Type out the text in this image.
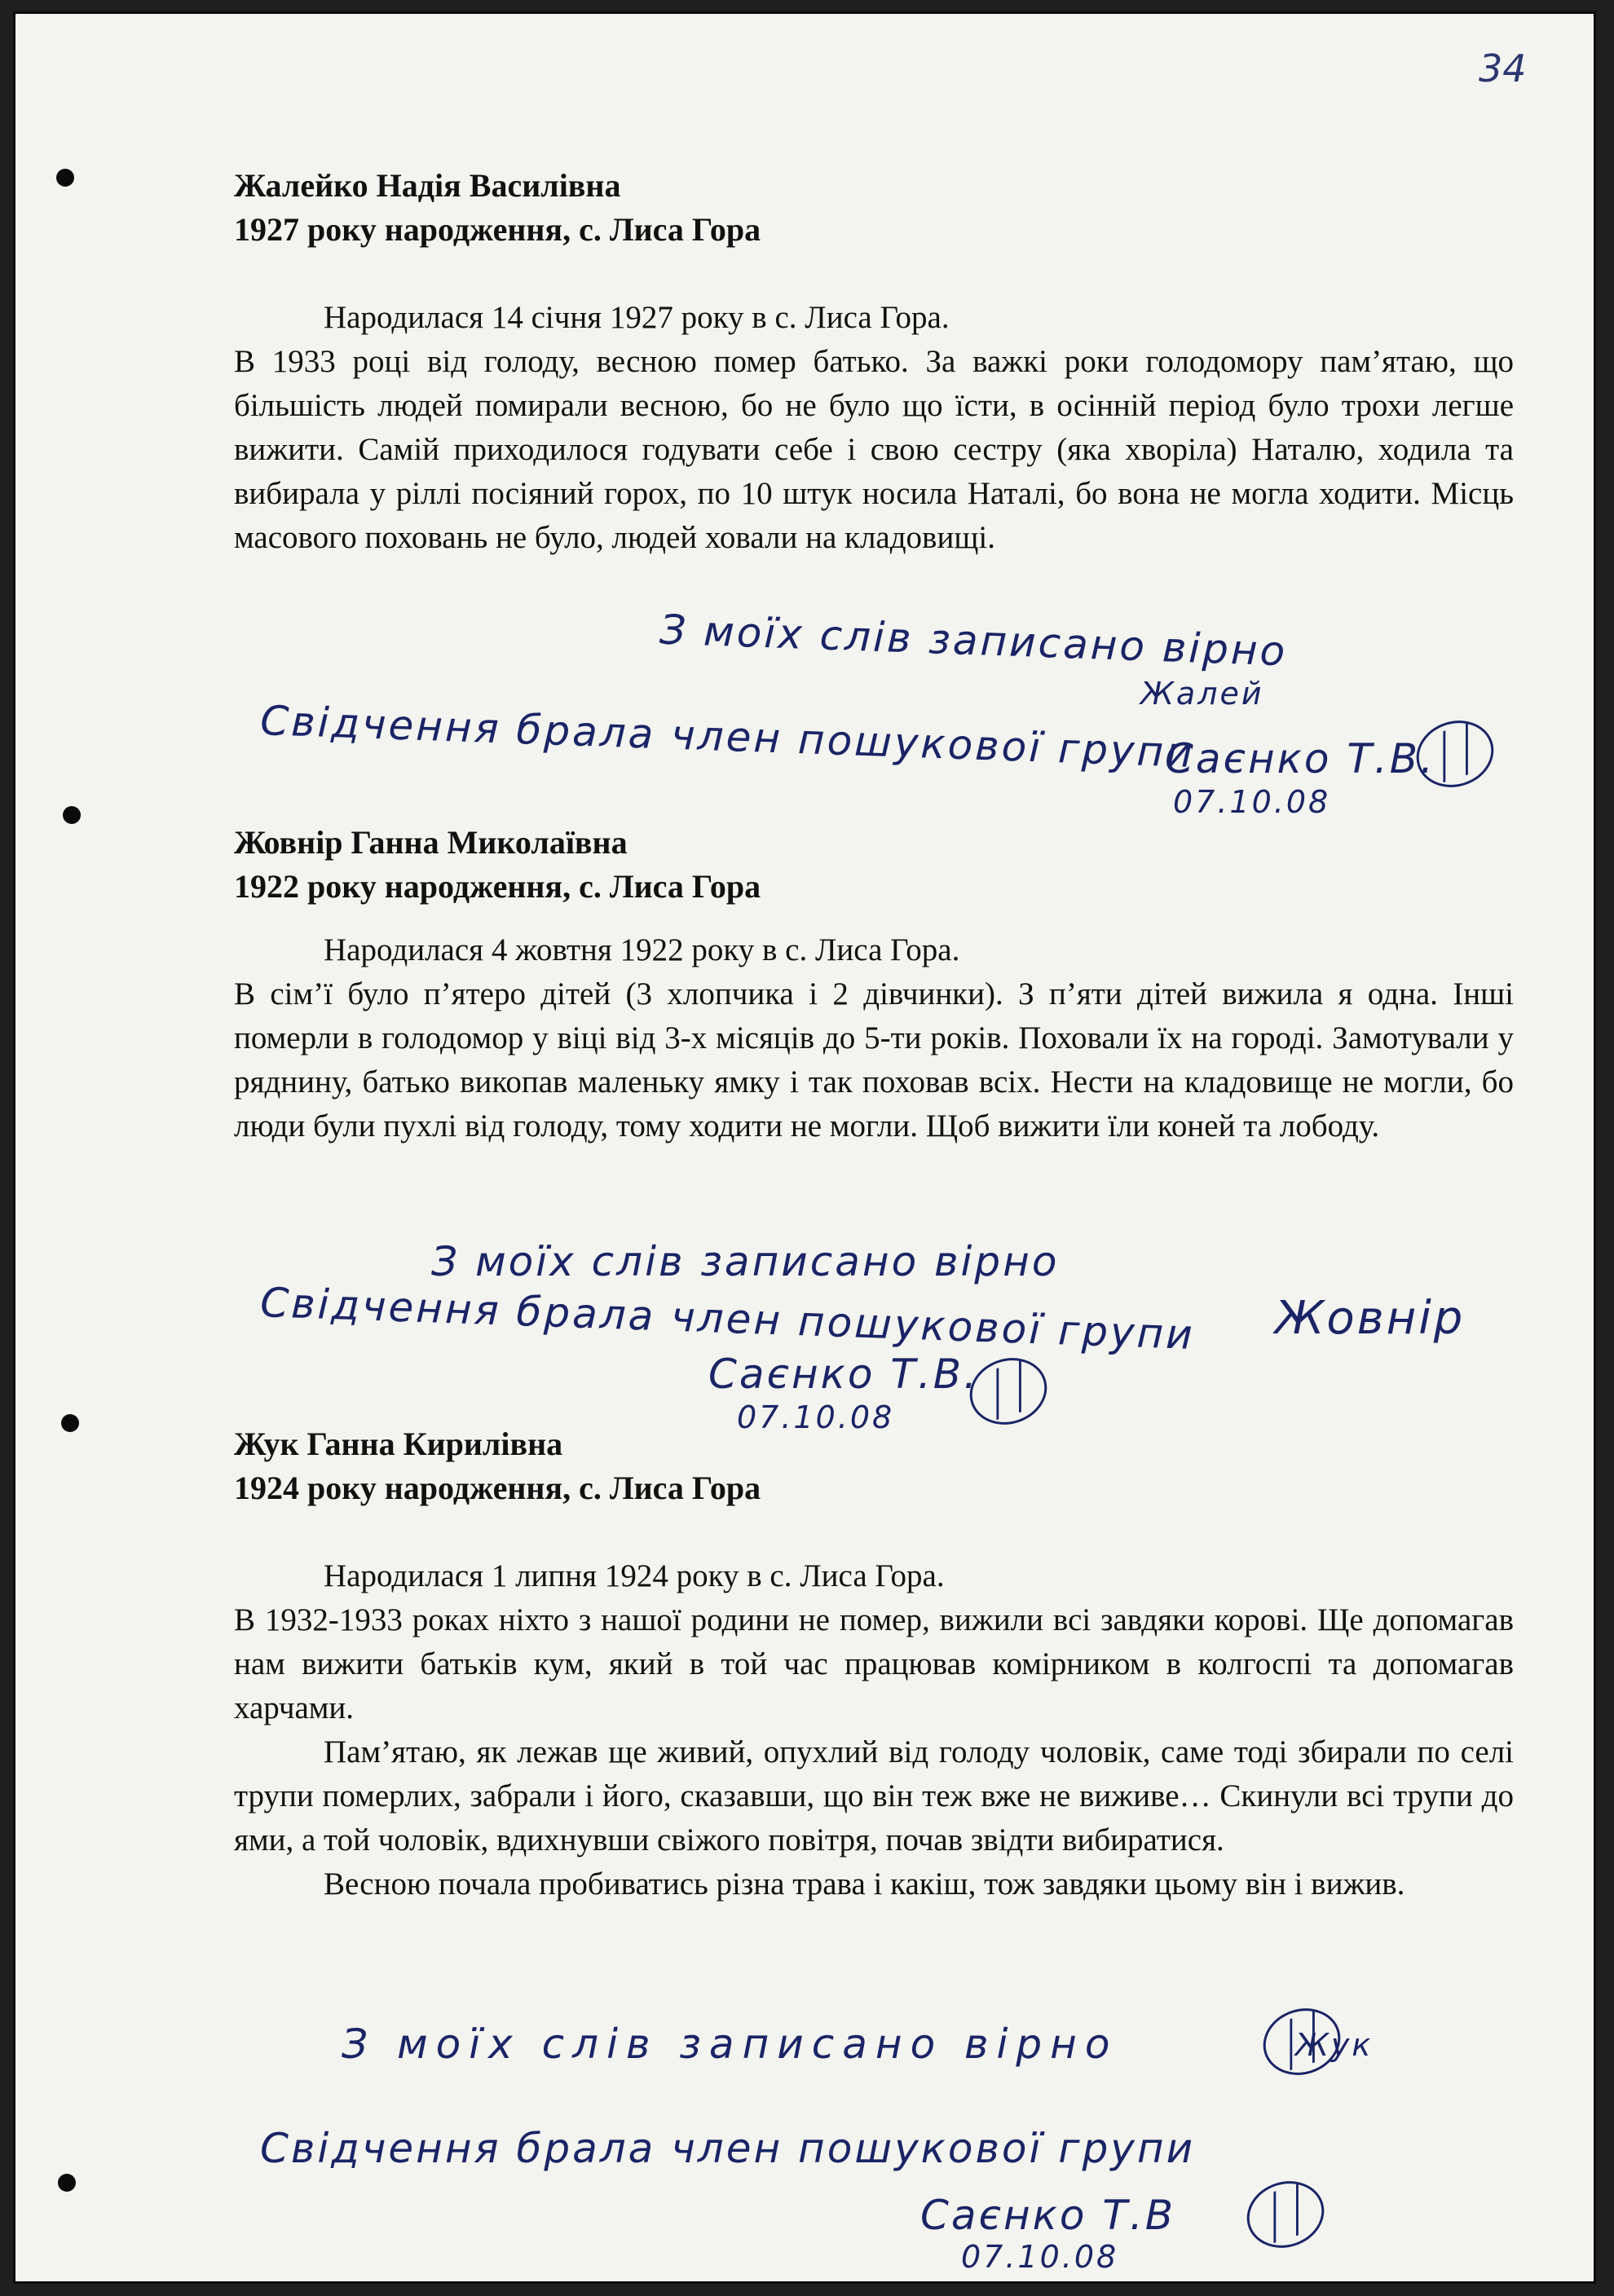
34

Жалейко Надія Василівна

1927 року народження, с. Лиса Гора

Народилася 14 січня 1927 року в с. Лиса Гора.

В 1933 році від голоду, весною помер батько. За важкі роки голодомору пам’ятаю, що більшість людей помирали весною, бо не було що їсти, в осінній період було трохи легше вижити. Самій приходилося годувати себе і свою сестру (яка хворіла) Наталю, ходила та вибирала у ріллі посіяний горох, по 10 штук носила Наталі, бо вона не могла ходити. Місць масового поховань не було, людей ховали на кладовищі.

З моїх слів записано вірно
Жалей
Свідчення брала член пошукової групи
Саєнко Т.В.
07.10.08

Жовнір Ганна Миколаївна

1922 року народження, с. Лиса Гора

Народилася 4 жовтня 1922 року в с. Лиса Гора.

В сім’ї було п’ятеро дітей (3 хлопчика і 2 дівчинки). З п’яти дітей вижила я одна. Інші померли в голодомор у віці від 3-х місяців до 5-ти років. Поховали їх на городі. Замотували у ряднину, батько викопав маленьку ямку і так поховав всіх. Нести на кладовище не могли, бо люди були пухлі від голоду, тому ходити не могли. Щоб вижити їли коней та лободу.

З моїх слів записано вірно
Свідчення брала член пошукової групи Жовнір
Саєнко Т.В.
07.10.08

Жук Ганна Кирилівна

1924 року народження, с. Лиса Гора

Народилася 1 липня 1924 року в с. Лиса Гора.

В 1932-1933 роках ніхто з нашої родини не помер, вижили всі завдяки корові. Ще допомагав нам вижити батьків кум, який в той час працював комірником в колгоспі та допомагав харчами.

Пам’ятаю, як лежав ще живий, опухлий від голоду чоловік, саме тоді збирали по селі трупи померлих, забрали і його, сказавши, що він теж вже не виживе… Скинули всі трупи до ями, а той чоловік, вдихнувши свіжого повітря, почав звідти вибиратися.

Весною почала пробиватись різна трава і какіш, тож завдяки цьому він і вижив.

З моїх слів записано вірно	Жук
Свідчення брала член пошукової групи
Саєнко Т.В
07.10.08
